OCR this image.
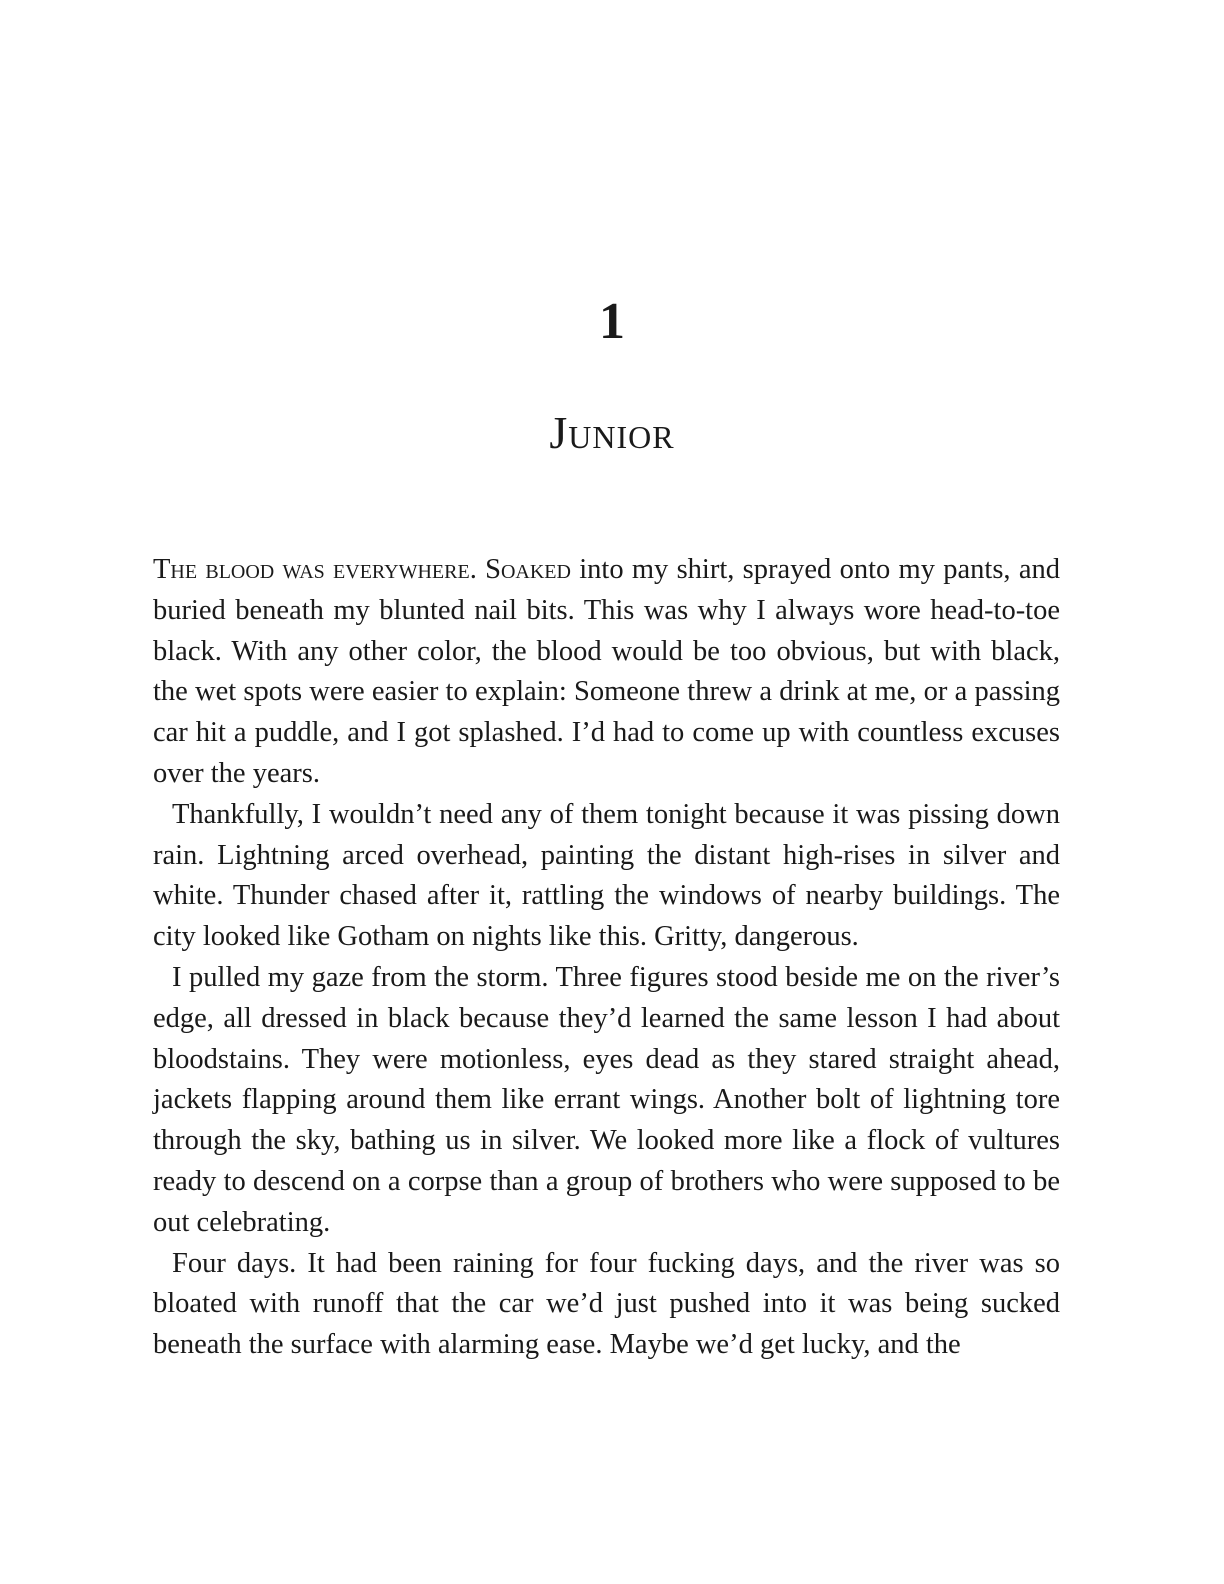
1
Junior

The blood was everywhere. Soaked into my shirt, sprayed onto my pants, and buried beneath my blunted nail bits. This was why I always wore head-to-toe black. With any other color, the blood would be too obvious, but with black, the wet spots were easier to explain: Someone threw a drink at me, or a passing car hit a puddle, and I got splashed. I’d had to come up with countless excuses over the years.

Thankfully, I wouldn’t need any of them tonight because it was pissing down rain. Lightning arced overhead, painting the distant high-rises in silver and white. Thunder chased after it, rattling the windows of nearby buildings. The city looked like Gotham on nights like this. Gritty, dangerous.

I pulled my gaze from the storm. Three figures stood beside me on the river’s edge, all dressed in black because they’d learned the same lesson I had about bloodstains. They were motionless, eyes dead as they stared straight ahead, jackets flapping around them like errant wings. Another bolt of lightning tore through the sky, bathing us in silver. We looked more like a flock of vultures ready to descend on a corpse than a group of brothers who were supposed to be out celebrating.

Four days. It had been raining for four fucking days, and the river was so bloated with runoff that the car we’d just pushed into it was being sucked beneath the surface with alarming ease. Maybe we’d get lucky, and the
